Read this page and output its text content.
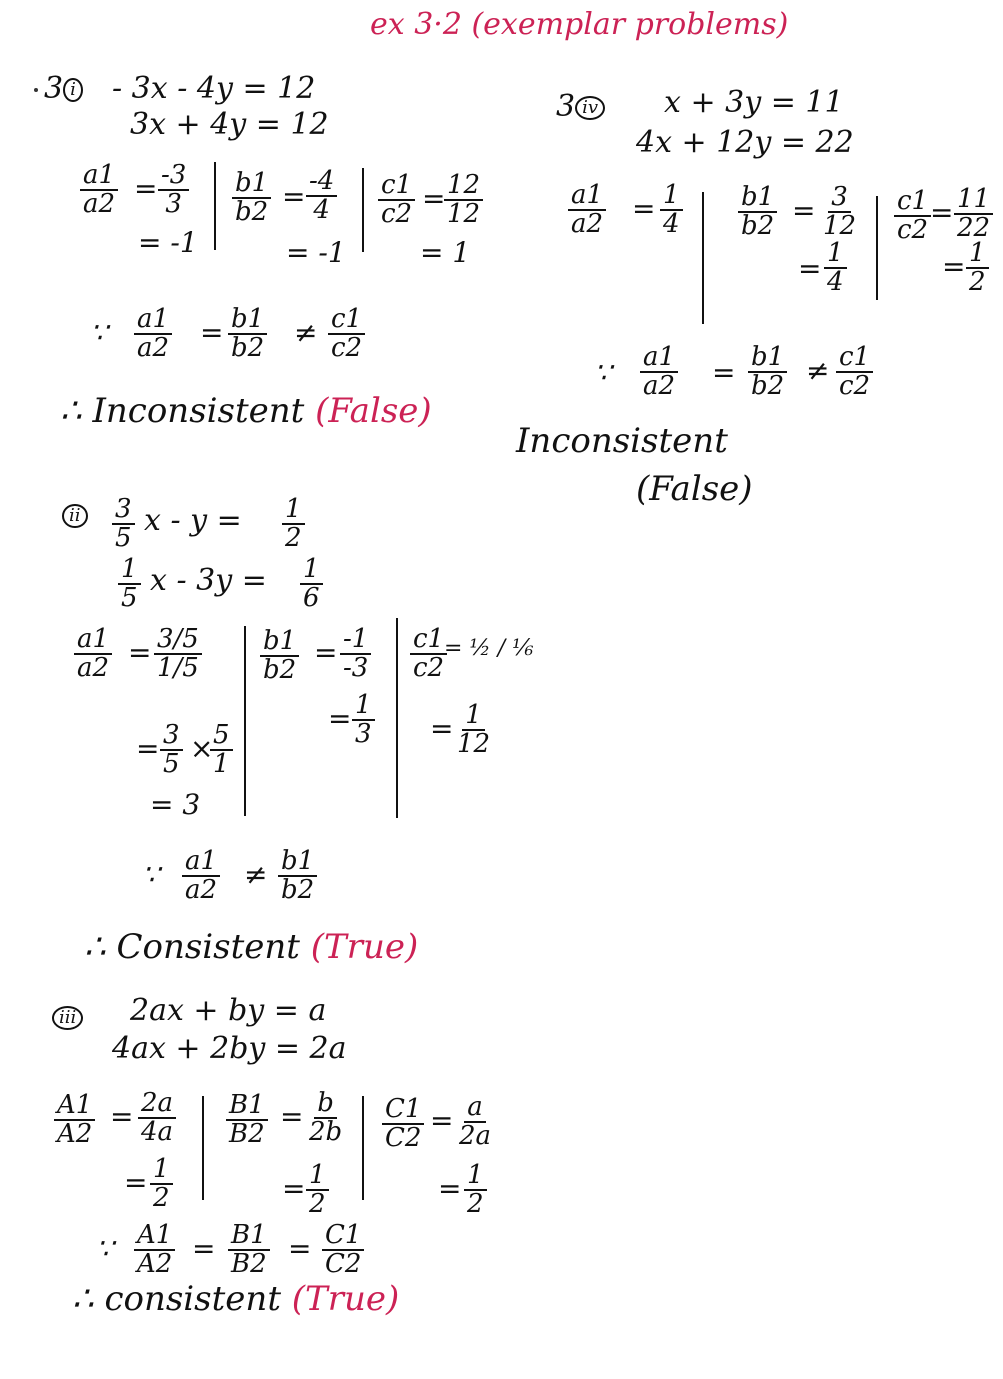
ex 3·2 (exemplar problems)
3 i - 3x - 4y = 12
3x + 4y = 12
$\frac{a1}{a2} = \frac{-3}{3}$
= -1
$\frac{b1}{b2} = \frac{-4}{4}$
= -1
$\frac{c1}{c2}$ =
$\frac{12}{12}$
= 1
∵ $\frac{a1}{a2} = \frac{b1}{b2} \ne \frac{c1}{c2}$
∴ Inconsistent (False)
ii $\frac{3}{5}$ $x - y = \frac{1}{2}$
$\frac{1}{5}$ $x - 3y = \frac{1}{6}$
$\frac{a1}{a2} = \frac{3/5}{1/5}$
= $\frac{3}{5}$ ×
$\frac{5}{1}$
= 3
$\frac{b1}{b2} = \frac{-1}{-3}$
= $\frac{1}{3}$
$\frac{c1}{c2}$
= ½ / ⅙
= $\frac{1}{12}$
∵ $\frac{a1}{a2} \ne \frac{b1}{b2}$
∴ Consistent (True)
iii 2ax + by = a
4ax + 2by = 2a
$\frac{A1}{A2} = \frac{2a}{4a}$
= $\frac{1}{2}$
$\frac{B1}{B2} = \frac{b}{2b}$
= $\frac{1}{2}$
$\frac{C1}{C2} = \frac{a}{2a}$
= $\frac{1}{2}$
∵ $\frac{A1}{A2} = \frac{B1}{B2} = \frac{C1}{C2}$
∴ consistent (True)
3 iv x + 3y = 11
4x + 12y = 22
$\frac{a1}{a2} = \frac{1}{4} \frac{b1}{b2} = \frac{3}{12}$
= $\frac{1}{4}$
$\frac{c1}{c2}$
= $\frac{11}{22}$
= $\frac{1}{2}$
∵ $\frac{a1}{a2} = \frac{b1}{b2} \ne \frac{c1}{c2}$
Inconsistent
(False)
